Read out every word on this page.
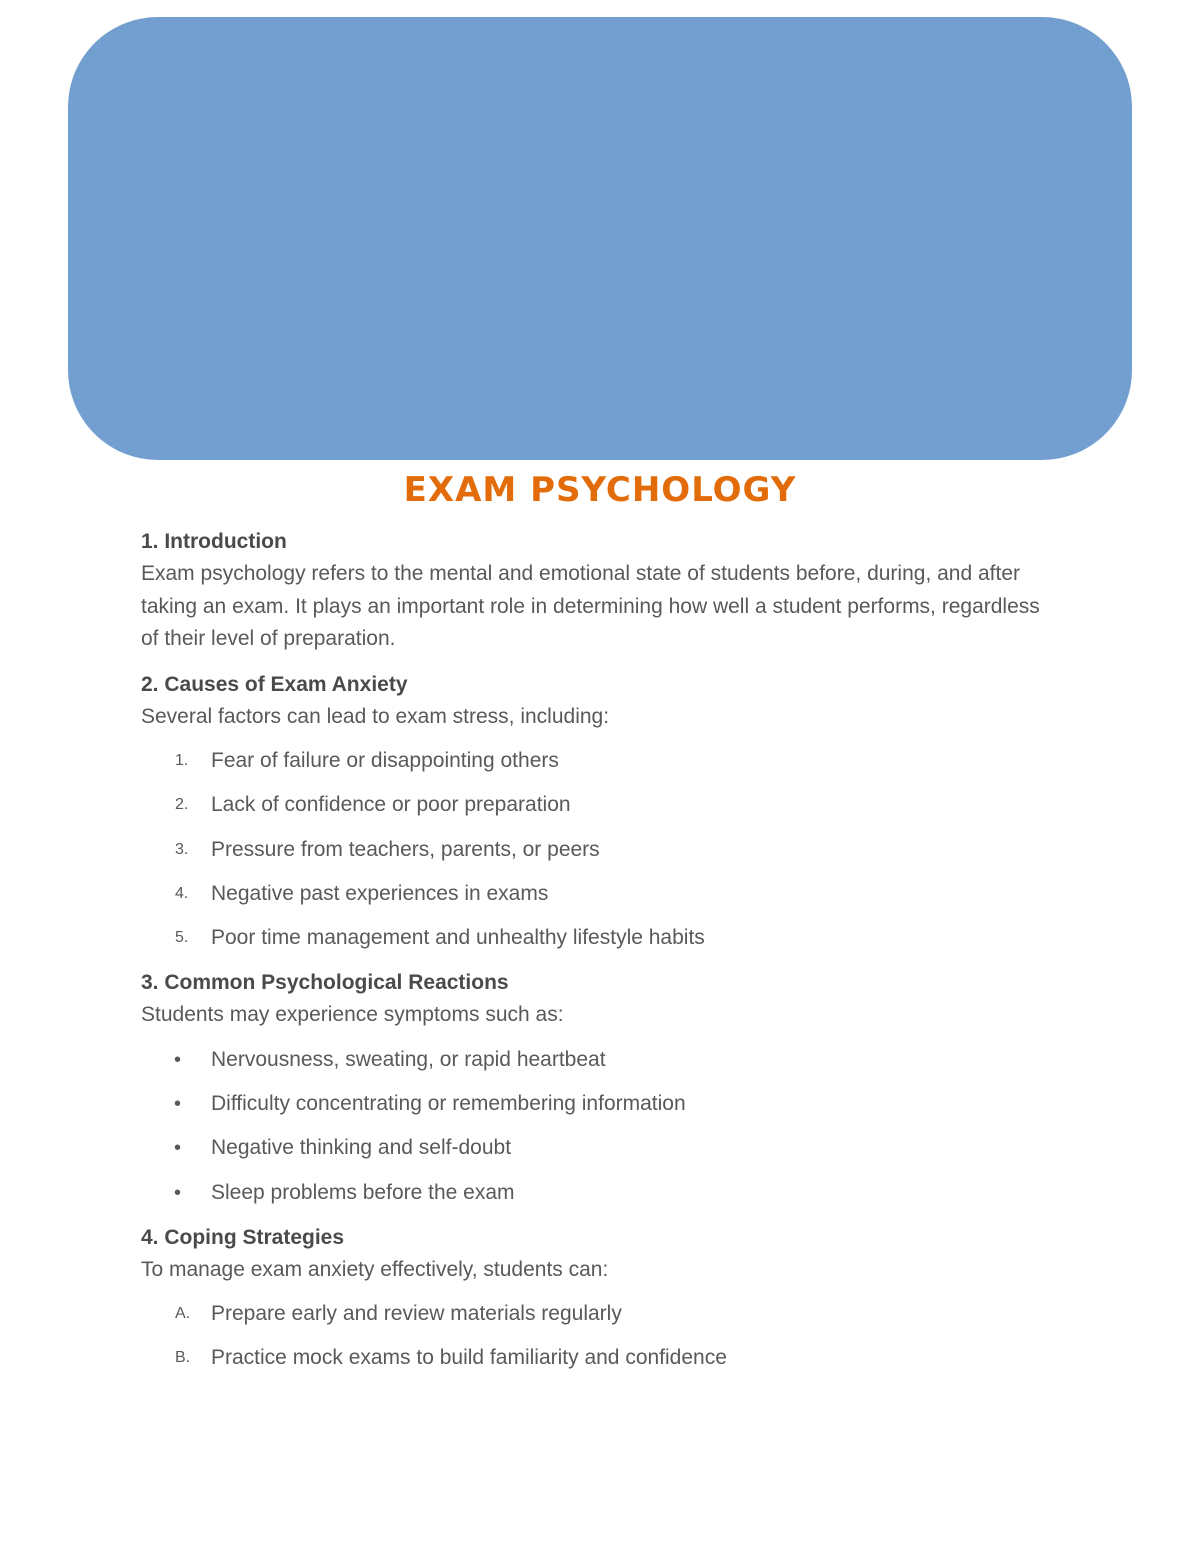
EXAM PSYCHOLOGY

1. Introduction

Exam psychology refers to the mental and emotional state of students before, during, and after taking an exam. It plays an important role in determining how well a student performs, regardless of their level of preparation.

2. Causes of Exam Anxiety

Several factors can lead to exam stress, including:

1. Fear of failure or disappointing others
2. Lack of confidence or poor preparation
3. Pressure from teachers, parents, or peers
4. Negative past experiences in exams
5. Poor time management and unhealthy lifestyle habits

3. Common Psychological Reactions

Students may experience symptoms such as:

• Nervousness, sweating, or rapid heartbeat
• Difficulty concentrating or remembering information
• Negative thinking and self-doubt
• Sleep problems before the exam

4. Coping Strategies

To manage exam anxiety effectively, students can:

A. Prepare early and review materials regularly
B. Practice mock exams to build familiarity and confidence
